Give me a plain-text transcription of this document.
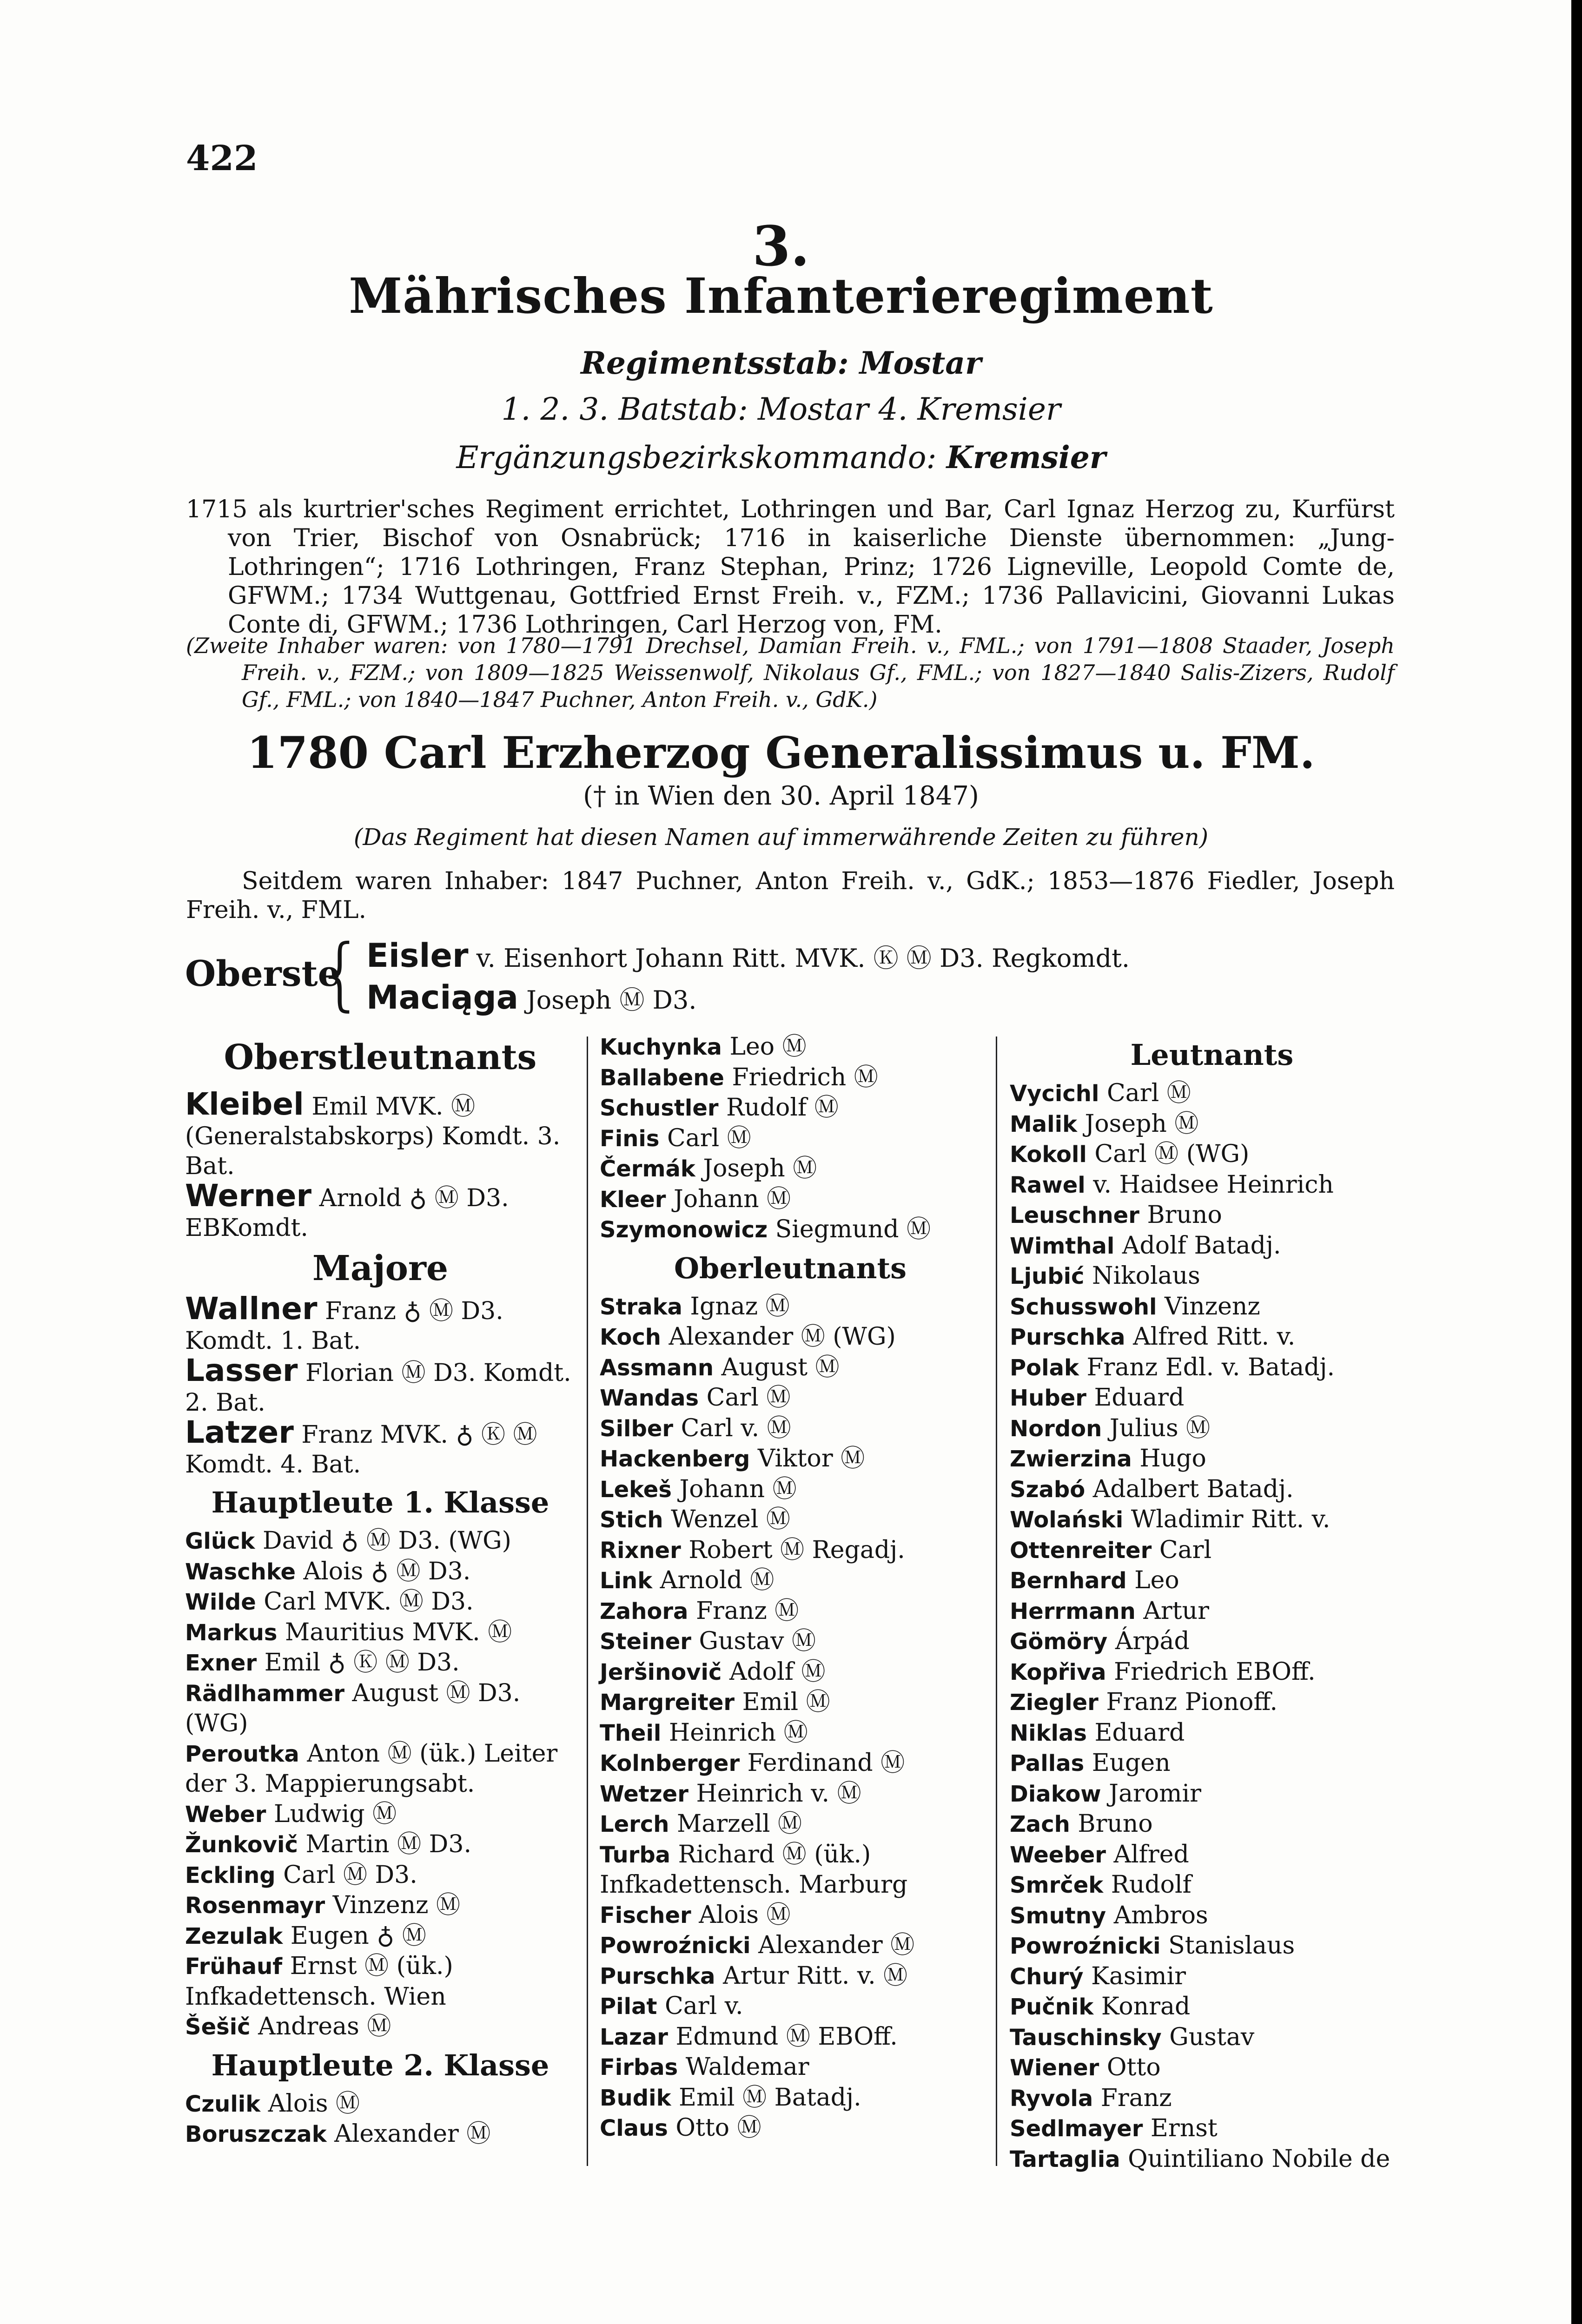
422
3.
Mährisches Infanterieregiment
Regimentsstab: Mostar
1. 2. 3. Batstab: Mostar 4. Kremsier
Ergänzungsbezirkskommando: Kremsier
1715 als kurtrier'sches Regiment errichtet, Lothringen und Bar, Carl Ignaz Herzog zu, Kurfürst von Trier, Bischof von Osnabrück; 1716 in kaiserliche Dienste übernommen: „Jung-Lothringen“; 1716 Lothringen, Franz Stephan, Prinz; 1726 Ligneville, Leopold Comte de, GFWM.; 1734 Wuttgenau, Gottfried Ernst Freih. v., FZM.; 1736 Pallavicini, Giovanni Lukas Conte di, GFWM.; 1736 Lothringen, Carl Herzog von, FM.
(Zweite Inhaber waren: von 1780—1791 Drechsel, Damian Freih. v., FML.; von 1791—1808 Staader, Joseph Freih. v., FZM.; von 1809—1825 Weissenwolf, Nikolaus Gf., FML.; von 1827—1840 Salis-Zizers, Rudolf Gf., FML.; von 1840—1847 Puchner, Anton Freih. v., GdK.)
1780 Carl Erzherzog Generalissimus u. FM.
(† in Wien den 30. April 1847)
(Das Regiment hat diesen Namen auf immerwährende Zeiten zu führen)
Seitdem waren Inhaber: 1847 Puchner, Anton Freih. v., GdK.; 1853—1876 Fiedler, Joseph Freih. v., FML.
Oberste
{ Eisler v. Eisenhort Johann Ritt. MVK. Ⓚ Ⓜ D3. Regkomdt.
Maciąga Joseph Ⓜ D3.
Oberstleutnants
Kleibel Emil MVK. Ⓜ (Generalstabskorps) Komdt. 3. Bat.
Werner Arnold ♁ Ⓜ D3. EBKomdt.
Majore
Wallner Franz ♁ Ⓜ D3. Komdt. 1. Bat.
Lasser Florian Ⓜ D3. Komdt. 2. Bat.
Latzer Franz MVK. ♁ Ⓚ Ⓜ Komdt. 4. Bat.
Hauptleute 1. Klasse
Glück David ♁ Ⓜ D3. (WG)
Waschke Alois ♁ Ⓜ D3.
Wilde Carl MVK. Ⓜ D3.
Markus Mauritius MVK. Ⓜ
Exner Emil ♁ Ⓚ Ⓜ D3.
Rädlhammer August Ⓜ D3. (WG)
Peroutka Anton Ⓜ (ük.) Leiter der 3. Mappierungsabt.
Weber Ludwig Ⓜ
Žunkovič Martin Ⓜ D3.
Eckling Carl Ⓜ D3.
Rosenmayr Vinzenz Ⓜ
Zezulak Eugen ♁ Ⓜ
Frühauf Ernst Ⓜ (ük.) Infkadettensch. Wien
Šešič Andreas Ⓜ
Hauptleute 2. Klasse
Czulik Alois Ⓜ
Boruszczak Alexander Ⓜ
Kuchynka Leo Ⓜ
Ballabene Friedrich Ⓜ
Schustler Rudolf Ⓜ
Finis Carl Ⓜ
Čermák Joseph Ⓜ
Kleer Johann Ⓜ
Szymonowicz Siegmund Ⓜ
Oberleutnants
Straka Ignaz Ⓜ
Koch Alexander Ⓜ (WG)
Assmann August Ⓜ
Wandas Carl Ⓜ
Silber Carl v. Ⓜ
Hackenberg Viktor Ⓜ
Lekeš Johann Ⓜ
Stich Wenzel Ⓜ
Rixner Robert Ⓜ Regadj.
Link Arnold Ⓜ
Zahora Franz Ⓜ
Steiner Gustav Ⓜ
Jeršinovič Adolf Ⓜ
Margreiter Emil Ⓜ
Theil Heinrich Ⓜ
Kolnberger Ferdinand Ⓜ
Wetzer Heinrich v. Ⓜ
Lerch Marzell Ⓜ
Turba Richard Ⓜ (ük.) Infkadettensch. Marburg
Fischer Alois Ⓜ
Powroźnicki Alexander Ⓜ
Purschka Artur Ritt. v. Ⓜ
Pilat Carl v.
Lazar Edmund Ⓜ EBOff.
Firbas Waldemar
Budik Emil Ⓜ Batadj.
Claus Otto Ⓜ
Leutnants
Vycichl Carl Ⓜ
Malik Joseph Ⓜ
Kokoll Carl Ⓜ (WG)
Rawel v. Haidsee Heinrich
Leuschner Bruno
Wimthal Adolf Batadj.
Ljubić Nikolaus
Schusswohl Vinzenz
Purschka Alfred Ritt. v.
Polak Franz Edl. v. Batadj.
Huber Eduard
Nordon Julius Ⓜ
Zwierzina Hugo
Szabó Adalbert Batadj.
Wolański Wladimir Ritt. v.
Ottenreiter Carl
Bernhard Leo
Herrmann Artur
Gömöry Árpád
Kopřiva Friedrich EBOff.
Ziegler Franz Pionoff.
Niklas Eduard
Pallas Eugen
Diakow Jaromir
Zach Bruno
Weeber Alfred
Smrček Rudolf
Smutny Ambros
Powroźnicki Stanislaus
Churý Kasimir
Pučnik Konrad
Tauschinsky Gustav
Wiener Otto
Ryvola Franz
Sedlmayer Ernst
Tartaglia Quintiliano Nobile de
